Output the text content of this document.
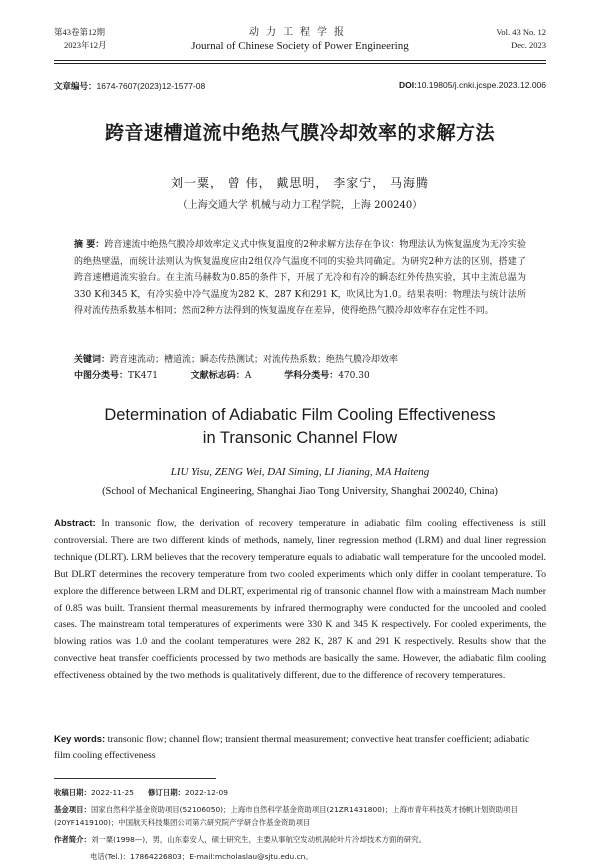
第43卷第12期
2023年12月
动力工程学报
Journal of Chinese Society of Power Engineering
Vol. 43 No. 12
Dec. 2023
文章编号：1674-7607(2023)12-1577-08	DOI:10.19805/j.cnki.jcspe.2023.12.006
跨音速槽道流中绝热气膜冷却效率的求解方法
刘一粟， 曾 伟， 戴思明， 李家宁， 马海腾
（上海交通大学 机械与动力工程学院，上海 200240）
摘 要：跨音速流中绝热气膜冷却效率定义式中恢复温度的2种求解方法存在争议：物理法认为恢复温度为无冷实验的绝热壁温，而统计法则认为恢复温度应由2组仅冷气温度不同的实验共同确定。为研究2种方法的区别，搭建了跨音速槽道流实验台。在主流马赫数为0.85的条件下，开展了无冷和有冷的瞬态红外传热实验，其中主流总温为330 K和345 K，有冷实验中冷气温度为282 K、287 K和291 K，吹风比为1.0。结果表明：物理法与统计法所得对流传热系数基本相同；然而2种方法得到的恢复温度存在差异，使得绝热气膜冷却效率存在定性不同。
关键词：跨音速流动；槽道流；瞬态传热测试；对流传热系数；绝热气膜冷却效率
中图分类号：TK471	文献标志码：A	学科分类号：470.30
Determination of Adiabatic Film Cooling Effectiveness
in Transonic Channel Flow
LIU Yisu, ZENG Wei, DAI Siming, LI Jianing, MA Haiteng
(School of Mechanical Engineering, Shanghai Jiao Tong University, Shanghai 200240, China)
Abstract: In transonic flow, the derivation of recovery temperature in adiabatic film cooling effectiveness is still controversial. There are two different kinds of methods, namely, liner regression method (LRM) and dual liner regression technique (DLRT). LRM believes that the recovery temperature equals to adiabatic wall temperature for the uncooled model. But DLRT determines the recovery temperature from two cooled experiments which only differ in coolant temperature. To explore the difference between LRM and DLRT, experimental rig of transonic channel flow with a mainstream Mach number of 0.85 was built. Transient thermal measurements by infrared thermography were conducted for the uncooled and cooled cases. The mainstream total temperatures of experiments were 330 K and 345 K respectively. For cooled experiments, the blowing ratios was 1.0 and the coolant temperatures were 282 K, 287 K and 291 K respectively. Results show that the convective heat transfer coefficients processed by two methods are basically the same. However, the adiabatic film cooling effectiveness obtained by the two methods is qualitatively different, due to the difference of recovery temperatures.
Key words: transonic flow; channel flow; transient thermal measurement; convective heat transfer coefficient; adiabatic film cooling effectiveness
收稿日期：2022-11-25 修订日期：2022-12-09
基金项目：国家自然科学基金资助项目(52106050)；上海市自然科学基金资助项目(21ZR1431800)；上海市青年科技英才扬帆计划资助项目(20YF1419100)；中国航天科技集团公司第六研究院产学研合作基金资助项目
作者简介：刘一粟(1998—)，男，山东泰安人，硕士研究生，主要从事航空发动机涡轮叶片冷却技术方面的研究。
电话(Tel.)：17864226803；E-mail:mcholaslau@sjtu.edu.cn。
